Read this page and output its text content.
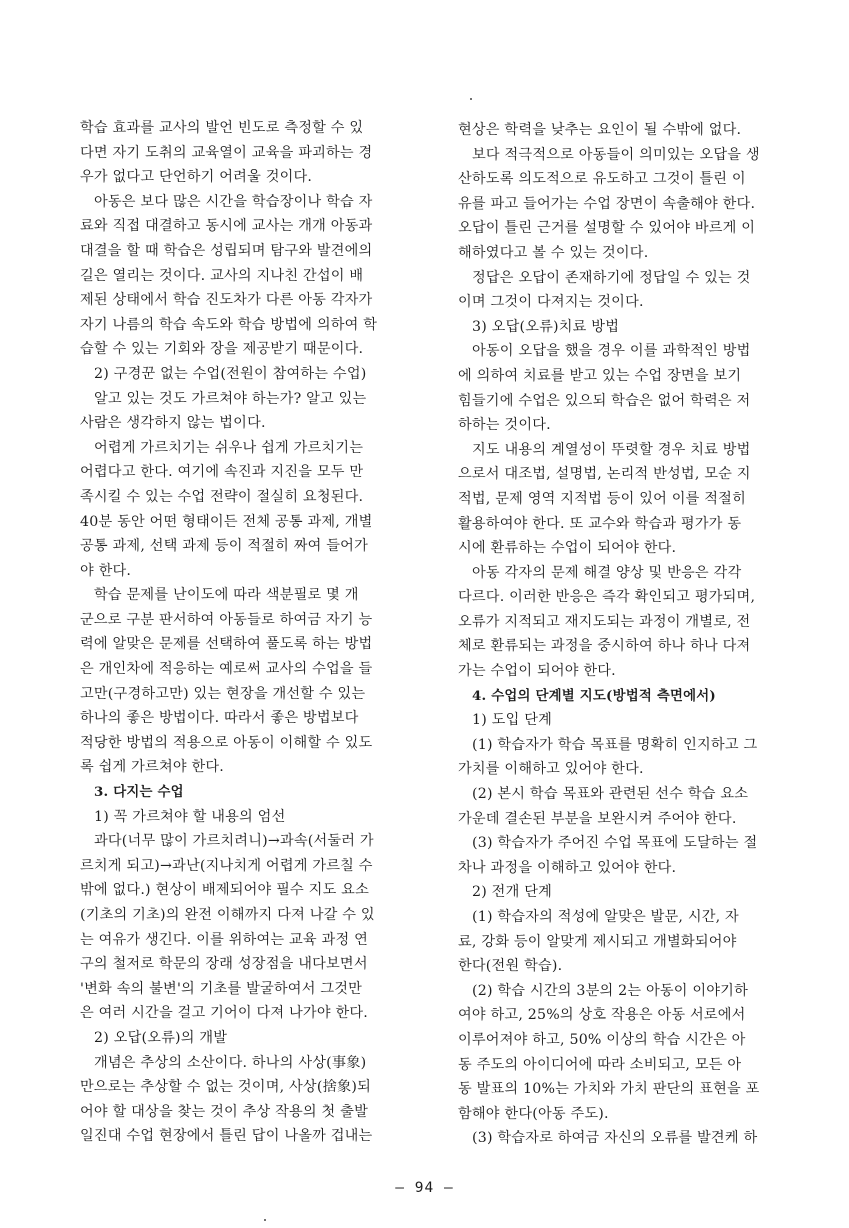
학습 효과를 교사의 발언 빈도로 측정할 수 있
다면 자기 도취의 교육열이 교육을 파괴하는 경
우가 없다고 단언하기 어려울 것이다.
아동은 보다 많은 시간을 학습장이나 학습 자
료와 직접 대결하고 동시에 교사는 개개 아동과
대결을 할 때 학습은 성립되며 탐구와 발견에의
길은 열리는 것이다. 교사의 지나친 간섭이 배
제된 상태에서 학습 진도차가 다른 아동 각자가
자기 나름의 학습 속도와 학습 방법에 의하여 학
습할 수 있는 기회와 장을 제공받기 때문이다.
2) 구경꾼 없는 수업(전원이 참여하는 수업)
알고 있는 것도 가르쳐야 하는가? 알고 있는
사람은 생각하지 않는 법이다.
어렵게 가르치기는 쉬우나 쉽게 가르치기는
어렵다고 한다. 여기에 속진과 지진을 모두 만
족시킬 수 있는 수업 전략이 절실히 요청된다.
40분 동안 어떤 형태이든 전체 공통 과제, 개별
공통 과제, 선택 과제 등이 적절히 짜여 들어가
야 한다.
학습 문제를 난이도에 따라 색분필로 몇 개
군으로 구분 판서하여 아동들로 하여금 자기 능
력에 알맞은 문제를 선택하여 풀도록 하는 방법
은 개인차에 적응하는 예로써 교사의 수업을 들
고만(구경하고만) 있는 현장을 개선할 수 있는
하나의 좋은 방법이다. 따라서 좋은 방법보다
적당한 방법의 적용으로 아동이 이해할 수 있도
록 쉽게 가르쳐야 한다.
3. 다지는 수업
1) 꼭 가르쳐야 할 내용의 엄선
과다(너무 많이 가르치려니)→과속(서둘러 가
르치게 되고)→과난(지나치게 어렵게 가르칠 수
밖에 없다.) 현상이 배제되어야 필수 지도 요소
(기초의 기초)의 완전 이해까지 다져 나갈 수 있
는 여유가 생긴다. 이를 위하여는 교육 과정 연
구의 철저로 학문의 장래 성장점을 내다보면서
'변화 속의 불변'의 기초를 발굴하여서 그것만
은 여러 시간을 걸고 기어이 다져 나가야 한다.
2) 오답(오류)의 개발
개념은 추상의 소산이다. 하나의 사상(事象)
만으로는 추상할 수 없는 것이며, 사상(捨象)되
어야 할 대상을 찾는 것이 추상 작용의 첫 출발
일진대 수업 현장에서 틀린 답이 나올까 겁내는
현상은 학력을 낮추는 요인이 될 수밖에 없다.
보다 적극적으로 아동들이 의미있는 오답을 생
산하도록 의도적으로 유도하고 그것이 틀린 이
유를 파고 들어가는 수업 장면이 속출해야 한다.
오답이 틀린 근거를 설명할 수 있어야 바르게 이
해하였다고 볼 수 있는 것이다.
정답은 오답이 존재하기에 정답일 수 있는 것
이며 그것이 다져지는 것이다.
3) 오답(오류)치료 방법
아동이 오답을 했을 경우 이를 과학적인 방법
에 의하여 치료를 받고 있는 수업 장면을 보기
힘들기에 수업은 있으되 학습은 없어 학력은 저
하하는 것이다.
지도 내용의 계열성이 뚜렷할 경우 치료 방법
으로서 대조법, 설명법, 논리적 반성법, 모순 지
적법, 문제 영역 지적법 등이 있어 이를 적절히
활용하여야 한다. 또 교수와 학습과 평가가 동
시에 환류하는 수업이 되어야 한다.
아동 각자의 문제 해결 양상 및 반응은 각각
다르다. 이러한 반응은 즉각 확인되고 평가되며,
오류가 지적되고 재지도되는 과정이 개별로, 전
체로 환류되는 과정을 중시하여 하나 하나 다져
가는 수업이 되어야 한다.
4. 수업의 단계별 지도(방법적 측면에서)
1) 도입 단계
(1) 학습자가 학습 목표를 명확히 인지하고 그
가치를 이해하고 있어야 한다.
(2) 본시 학습 목표와 관련된 선수 학습 요소
가운데 결손된 부분을 보완시켜 주어야 한다.
(3) 학습자가 주어진 수업 목표에 도달하는 절
차나 과정을 이해하고 있어야 한다.
2) 전개 단계
(1) 학습자의 적성에 알맞은 발문, 시간, 자
료, 강화 등이 알맞게 제시되고 개별화되어야
한다(전원 학습).
(2) 학습 시간의 3분의 2는 아동이 이야기하
여야 하고, 25%의 상호 작용은 아동 서로에서
이루어져야 하고, 50% 이상의 학습 시간은 아
동 주도의 아이디어에 따라 소비되고, 모든 아
동 발표의 10%는 가치와 가치 판단의 표현을 포
함해야 한다(아동 주도).
(3) 학습자로 하여금 자신의 오류를 발견케 하
— 94 —
